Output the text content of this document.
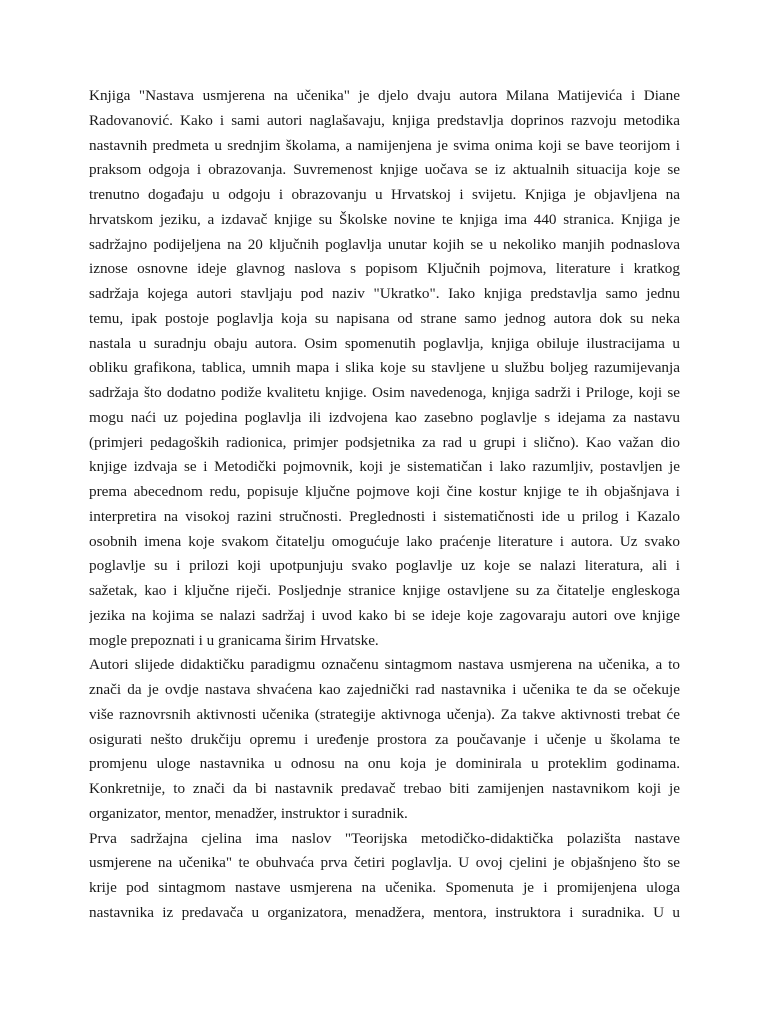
Knjiga "Nastava usmjerena na učenika" je djelo dvaju autora Milana Matijevića i Diane
Radovanović. Kako i sami autori naglašavaju, knjiga predstavlja doprinos razvoju metodika
nastavnih predmeta u srednjim školama, a namijenjena je svima onima koji se bave teorijom i
praksom odgoja i obrazovanja. Suvremenost knjige uočava se iz aktualnih situacija koje se
trenutno događaju u odgoju i obrazovanju u Hrvatskoj i svijetu. Knjiga je objavljena na
hrvatskom jeziku, a izdavač knjige su Školske novine te knjiga ima 440 stranica. Knjiga je
sadržajno podijeljena na 20 ključnih poglavlja unutar kojih se u nekoliko manjih podnaslova
iznose osnovne ideje glavnog naslova s popisom Ključnih pojmova, literature i kratkog
sadržaja kojega autori stavljaju pod naziv "Ukratko". Iako knjiga predstavlja samo jednu
temu, ipak postoje poglavlja koja su napisana od strane samo jednog autora dok su neka
nastala u suradnju obaju autora. Osim spomenutih poglavlja, knjiga obiluje ilustracijama u
obliku grafikona, tablica, umnih mapa i slika koje su stavljene u službu boljeg razumijevanja
sadržaja što dodatno podiže kvalitetu knjige. Osim navedenoga, knjiga sadrži i Priloge, koji se
mogu naći uz pojedina poglavlja ili izdvojena kao zasebno poglavlje s idejama za nastavu
(primjeri pedagoških radionica, primjer podsjetnika za rad u grupi i slično). Kao važan dio
knjige izdvaja se i Metodički pojmovnik, koji je sistematičan i lako razumljiv, postavljen je
prema abecednom redu, popisuje ključne pojmove koji čine kostur knjige te ih objašnjava i
interpretira na visokoj razini stručnosti. Preglednosti i sistematičnosti ide u prilog i Kazalo
osobnih imena koje svakom čitatelju omogućuje lako praćenje literature i autora. Uz svako
poglavlje su i prilozi koji upotpunjuju svako poglavlje uz koje se nalazi literatura, ali i
sažetak, kao i ključne riječi. Posljednje stranice knjige ostavljene su za čitatelje engleskoga
jezika na kojima se nalazi sadržaj i uvod kako bi se ideje koje zagovaraju autori ove knjige
mogle prepoznati i u granicama širim Hrvatske.
Autori slijede didaktičku paradigmu označenu sintagmom nastava usmjerena na učenika, a to
znači da je ovdje nastava shvaćena kao zajednički rad nastavnika i učenika te da se očekuje
više raznovrsnih aktivnosti učenika (strategije aktivnoga učenja). Za takve aktivnosti trebat će
osigurati nešto drukčiju opremu i uređenje prostora za poučavanje i učenje u školama te
promjenu uloge nastavnika u odnosu na onu koja je dominirala u proteklim godinama.
Konkretnije, to znači da bi nastavnik predavač trebao biti zamijenjen nastavnikom koji je
organizator, mentor, menadžer, instruktor i suradnik.
Prva sadržajna cjelina ima naslov "Teorijska metodičko-didaktička polazišta nastave
usmjerene na učenika" te obuhvaća prva četiri poglavlja. U ovoj cjelini je objašnjeno što se
krije pod sintagmom nastave usmjerena na učenika. Spomenuta je i promijenjena uloga
nastavnika iz predavača u organizatora, menadžera, mentora, instruktora i suradnika. U u
